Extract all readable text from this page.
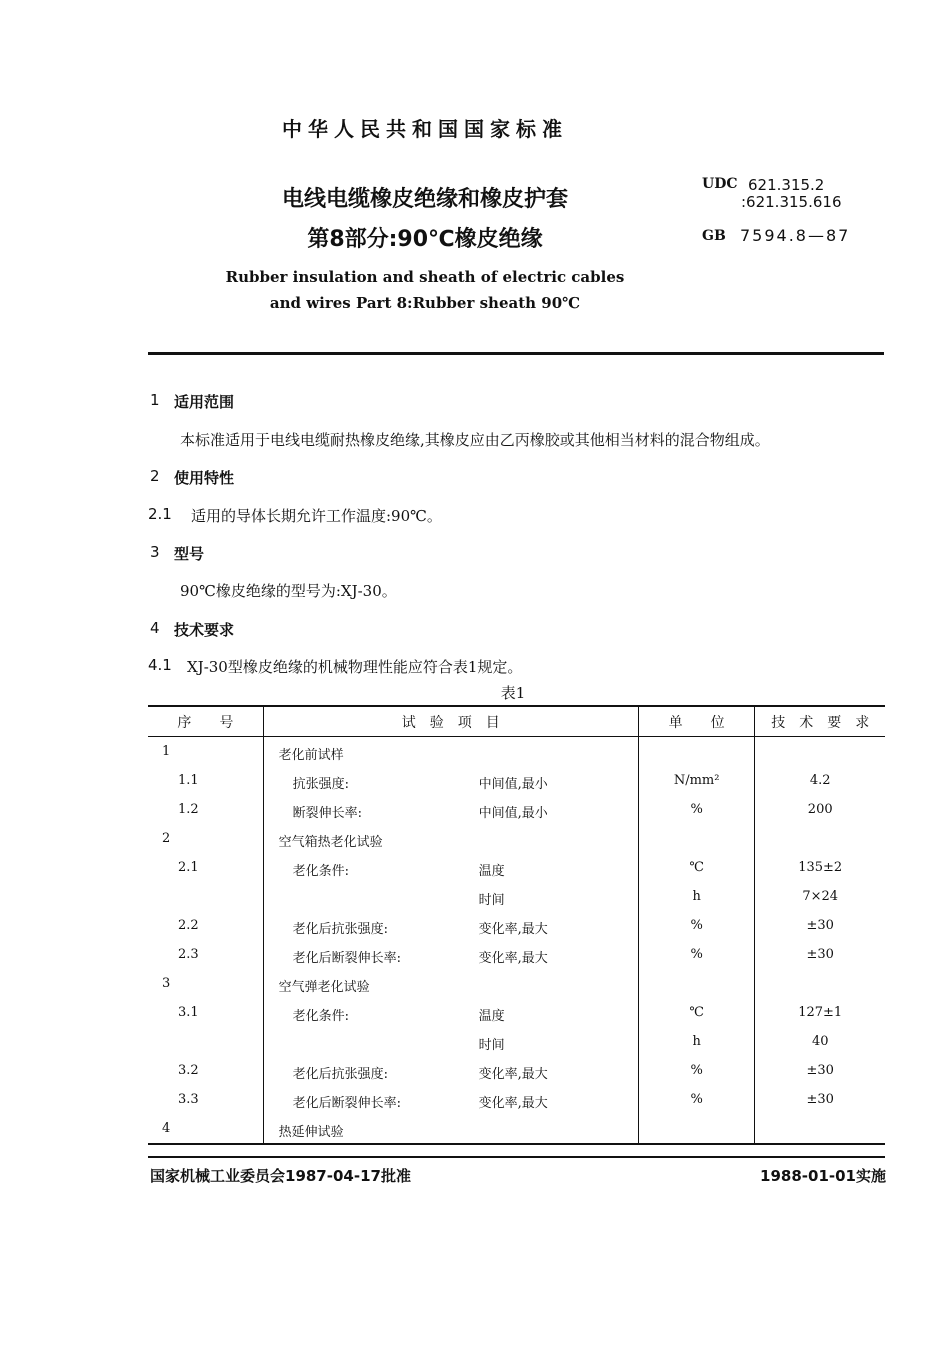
中华人民共和国国家标准
电线电缆橡皮绝缘和橡皮护套
第8部分:90℃橡皮绝缘
Rubber insulation and sheath of electric cables
and wires Part 8:Rubber sheath 90℃
UDC 621.315.2
:621.315.616
GB 7594.8—87
1 适用范围
本标准适用于电线电缆耐热橡皮绝缘,其橡皮应由乙丙橡胶或其他相当材料的混合物组成。
2 使用特性
2.1 适用的导体长期允许工作温度:90℃。
3 型号
90℃橡皮绝缘的型号为:XJ-30。
4 技术要求
4.1 XJ-30型橡皮绝缘的机械物理性能应符合表1规定。
表1
序　　号	试　验　项　目	单　　位	技　术　要　求
1	老化前试样		

1.1	抗张强度: 中间值,最小	N/mm²	4.2
1.2	断裂伸长率: 中间值,最小	%	200
2	空气箱热老化试验		

2.1	老化条件: 温度	℃	135±2

	时间	h	7×24
2.2	老化后抗张强度: 变化率,最大	%	±30
2.3	老化后断裂伸长率: 变化率,最大	%	±30
3	空气弹老化试验		

3.1	老化条件: 温度	℃	127±1

	时间	h	40
3.2	老化后抗张强度: 变化率,最大	%	±30
3.3	老化后断裂伸长率: 变化率,最大	%	±30
4	热延伸试验		

国家机械工业委员会1987-04-17批准	1988-01-01实施
